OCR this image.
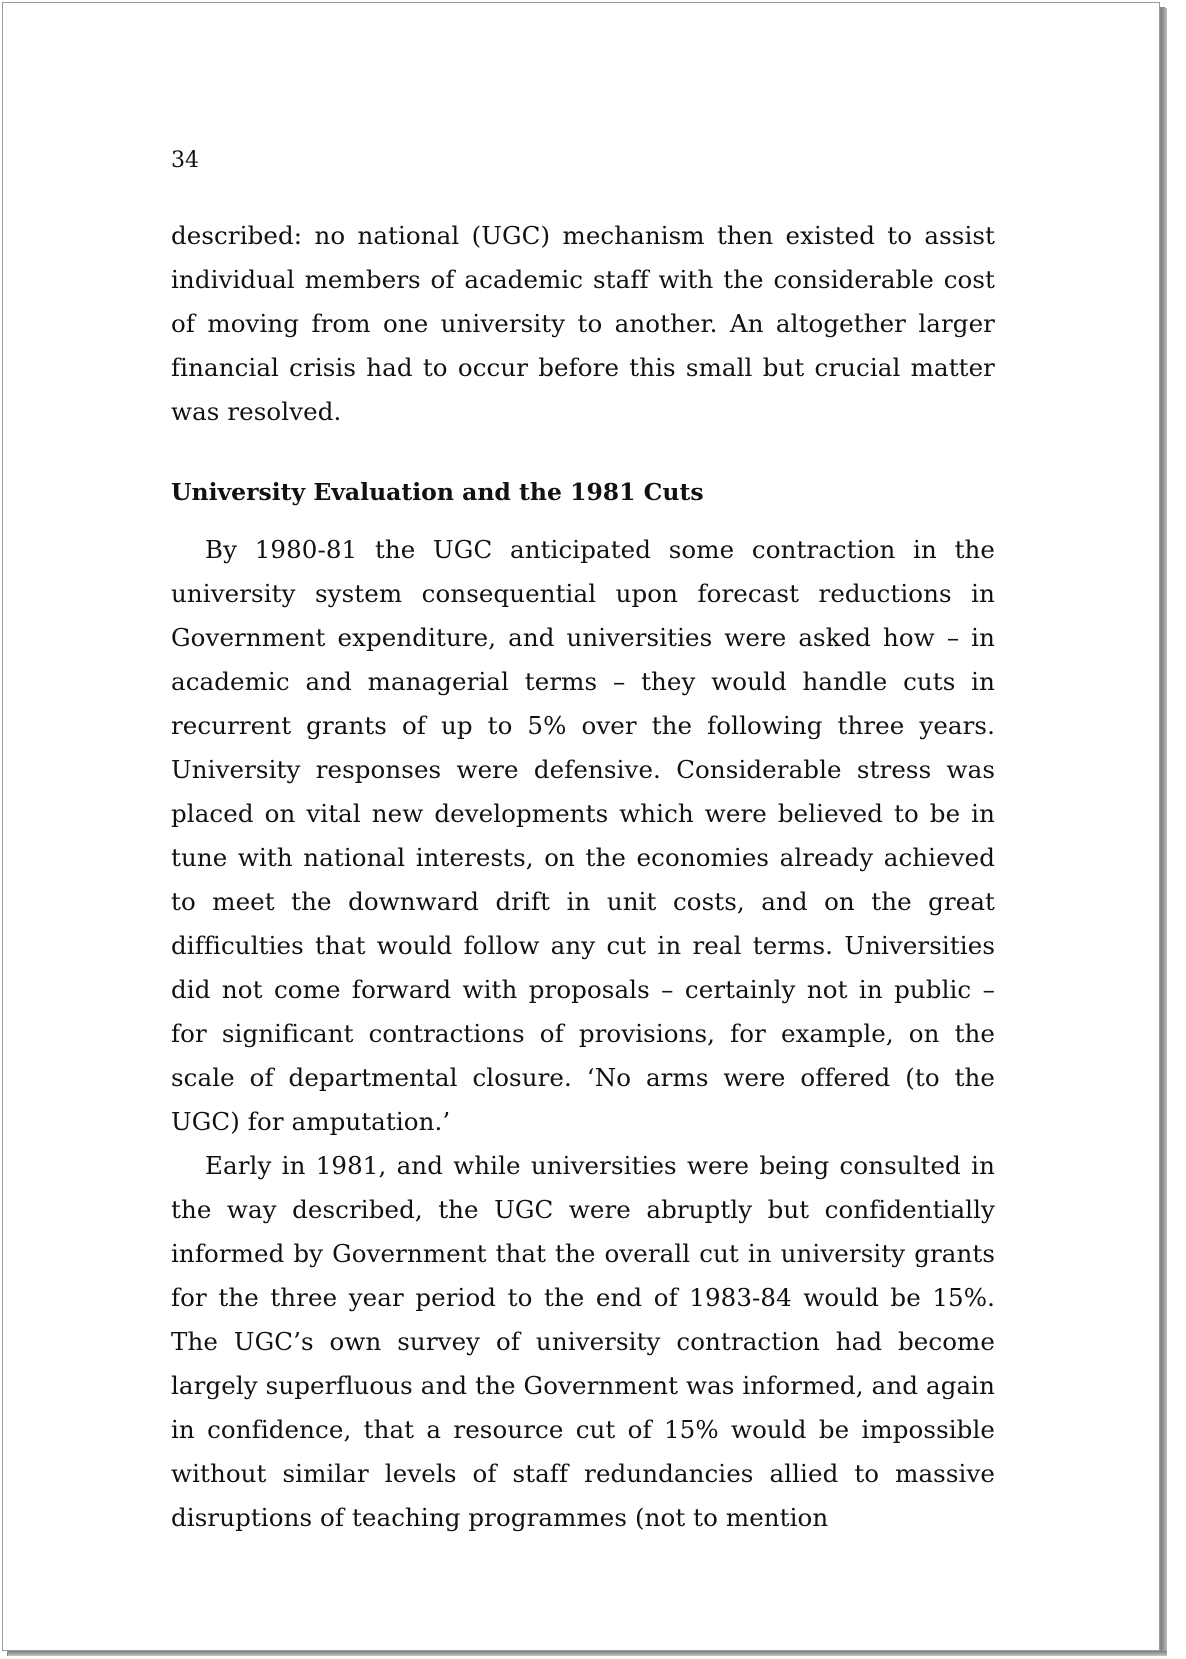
34

described: no national (UGC) mechanism then existed to assist individual members of academic staff with the considerable cost of moving from one university to another. An altogether larger financial crisis had to occur before this small but crucial matter was resolved.

University Evaluation and the 1981 Cuts

By 1980-81 the UGC anticipated some contraction in the university system consequential upon forecast reductions in Government expenditure, and universities were asked how – in academic and managerial terms – they would handle cuts in recurrent grants of up to 5% over the following three years. University responses were defensive. Considerable stress was placed on vital new developments which were believed to be in tune with national interests, on the economies already achieved to meet the downward drift in unit costs, and on the great difficulties that would follow any cut in real terms. Universities did not come forward with proposals – certainly not in public – for significant contractions of provisions, for example, on the scale of departmental closure. ‘No arms were offered (to the UGC) for amputation.’

Early in 1981, and while universities were being consulted in the way described, the UGC were abruptly but confidentially informed by Government that the overall cut in university grants for the three year period to the end of 1983-84 would be 15%. The UGC’s own survey of university contraction had become largely superfluous and the Government was informed, and again in confidence, that a resource cut of 15% would be impossible without similar levels of staff redundancies allied to massive disruptions of teaching programmes (not to mention
